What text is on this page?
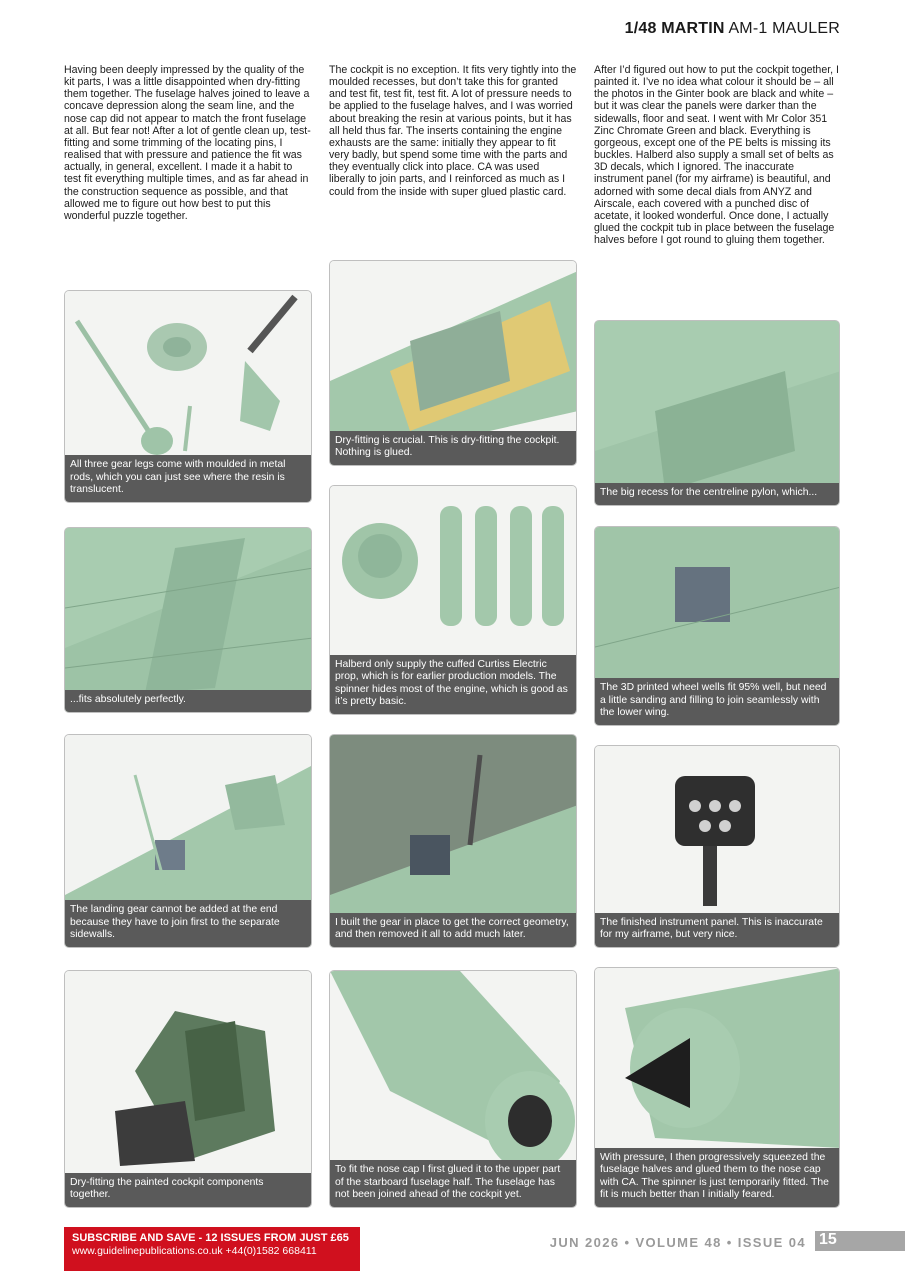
1/48 MARTIN AM-1 MAULER

Having been deeply impressed by the quality of the kit parts, I was a little disappointed when dry-fitting them together. The fuselage halves joined to leave a concave depression along the seam line, and the nose cap did not appear to match the front fuselage at all. But fear not! After a lot of gentle clean up, test-fitting and some trimming of the locating pins, I realised that with pressure and patience the fit was actually, in general, excellent. I made it a habit to test fit everything multiple times, and as far ahead in the construction sequence as possible, and that allowed me to figure out how best to put this wonderful puzzle together.

The cockpit is no exception. It fits very tightly into the moulded recesses, but don’t take this for granted and test fit, test fit, test fit. A lot of pressure needs to be applied to the fuselage halves, and I was worried about breaking the resin at various points, but it has all held thus far. The inserts containing the engine exhausts are the same: initially they appear to fit very badly, but spend some time with the parts and they eventually click into place. CA was used liberally to join parts, and I reinforced as much as I could from the inside with super glued plastic card.

After I’d figured out how to put the cockpit together, I painted it. I’ve no idea what colour it should be – all the photos in the Ginter book are black and white – but it was clear the panels were darker than the sidewalls, floor and seat. I went with Mr Color 351 Zinc Chromate Green and black. Everything is gorgeous, except one of the PE belts is missing its buckles. Halberd also supply a small set of belts as 3D decals, which I ignored. The inaccurate instrument panel (for my airframe) is beautiful, and adorned with some decal dials from ANYZ and Airscale, each covered with a punched disc of acetate, it looked wonderful. Once done, I actually glued the cockpit tub in place between the fuselage halves before I got round to gluing them together.

All three gear legs come with moulded in metal rods, which you can just see where the resin is translucent.
...fits absolutely perfectly.
The landing gear cannot be added at the end because they have to join first to the separate sidewalls.
Dry-fitting the painted cockpit components together.
Dry-fitting is crucial. This is dry-fitting the cockpit. Nothing is glued.
Halberd only supply the cuffed Curtiss Electric prop, which is for earlier production models. The spinner hides most of the engine, which is good as it’s pretty basic.
I built the gear in place to get the correct geometry, and then removed it all to add much later.
To fit the nose cap I first glued it to the upper part of the starboard fuselage half. The fuselage has not been joined ahead of the cockpit yet.
The big recess for the centreline pylon, which...
The 3D printed wheel wells fit 95% well, but need a little sanding and filling to join seamlessly with the lower wing.
The finished instrument panel. This is inaccurate for my airframe, but very nice.
With pressure, I then progressively squeezed the fuselage halves and glued them to the nose cap with CA. The spinner is just temporarily fitted. The fit is much better than I initially feared.
SUBSCRIBE AND SAVE - 12 ISSUES FROM JUST £65
www.guidelinepublications.co.uk +44(0)1582 668411
JUN 2026 • VOLUME 48 • ISSUE 04 15
